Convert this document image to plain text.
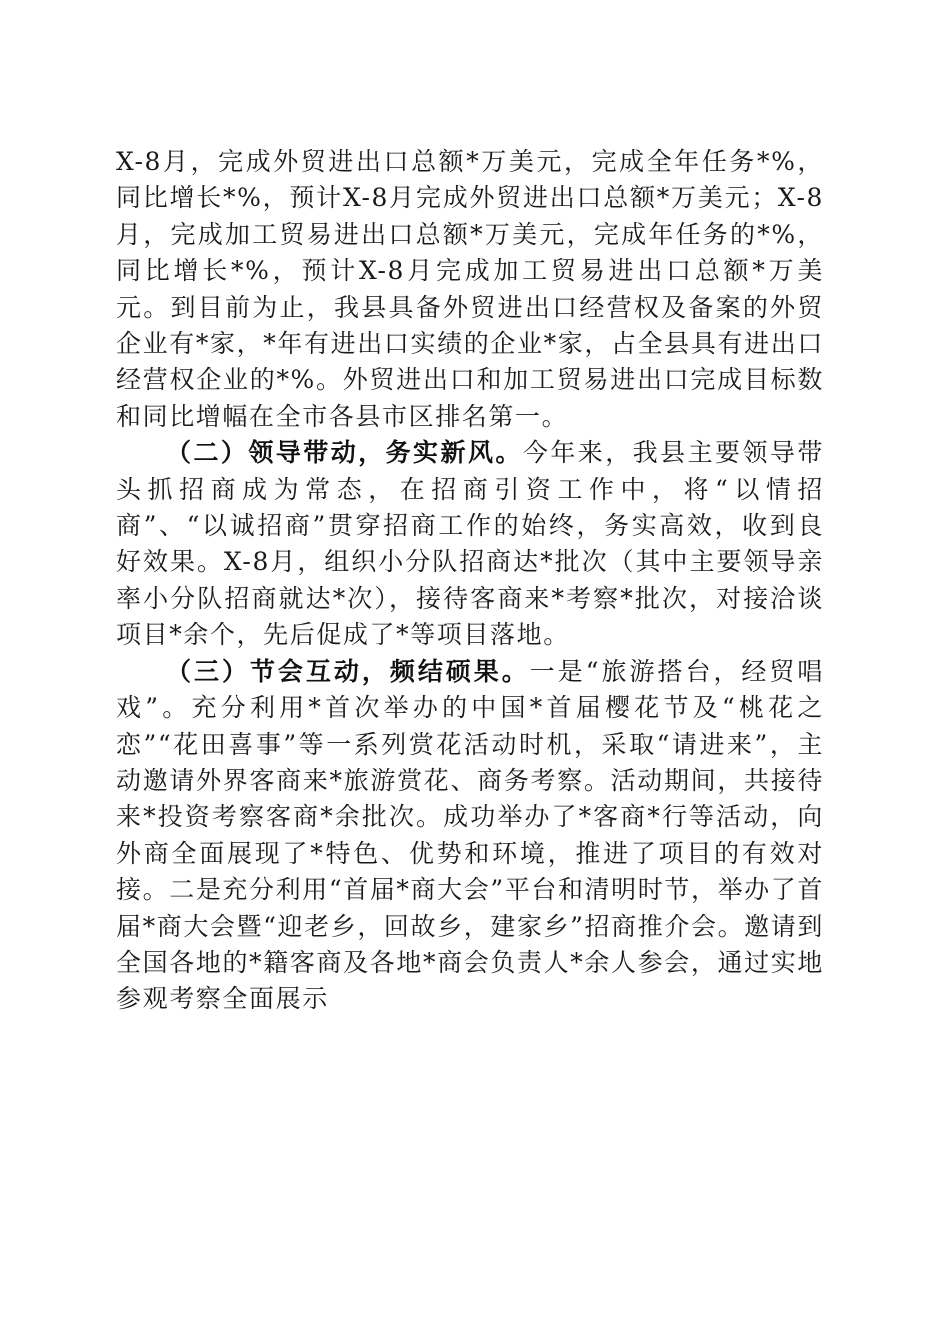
X-8月，完成外贸进出口总额*万美元，完成全年任务*%，同比增长*%，预计X-8月完成外贸进出口总额*万美元；X-8月，完成加工贸易进出口总额*万美元，完成年任务的*%，同比增长*%，预计X-8月完成加工贸易进出口总额*万美元。到目前为止，我县具备外贸进出口经营权及备案的外贸企业有*家，*年有进出口实绩的企业*家，占全县具有进出口经营权企业的*%。外贸进出口和加工贸易进出口完成目标数和同比增幅在全市各县市区排名第一。

（二）领导带动，务实新风。今年来，我县主要领导带头抓招商成为常态，在招商引资工作中，将“以情招商”、“以诚招商”贯穿招商工作的始终，务实高效，收到良好效果。X-8月，组织小分队招商达*批次（其中主要领导亲率小分队招商就达*次），接待客商来*考察*批次，对接洽谈项目*余个，先后促成了*等项目落地。

（三）节会互动，频结硕果。一是“旅游搭台，经贸唱戏”。充分利用*首次举办的中国*首届樱花节及“桃花之恋”“花田喜事”等一系列赏花活动时机，采取“请进来”，主动邀请外界客商来*旅游赏花、商务考察。活动期间，共接待来*投资考察客商*余批次。成功举办了*客商*行等活动，向外商全面展现了*特色、优势和环境，推进了项目的有效对接。二是充分利用“首届*商大会”平台和清明时节，举办了首届*商大会暨“迎老乡，回故乡，建家乡”招商推介会。邀请到全国各地的*籍客商及各地*商会负责人*余人参会，通过实地参观考察全面展示
